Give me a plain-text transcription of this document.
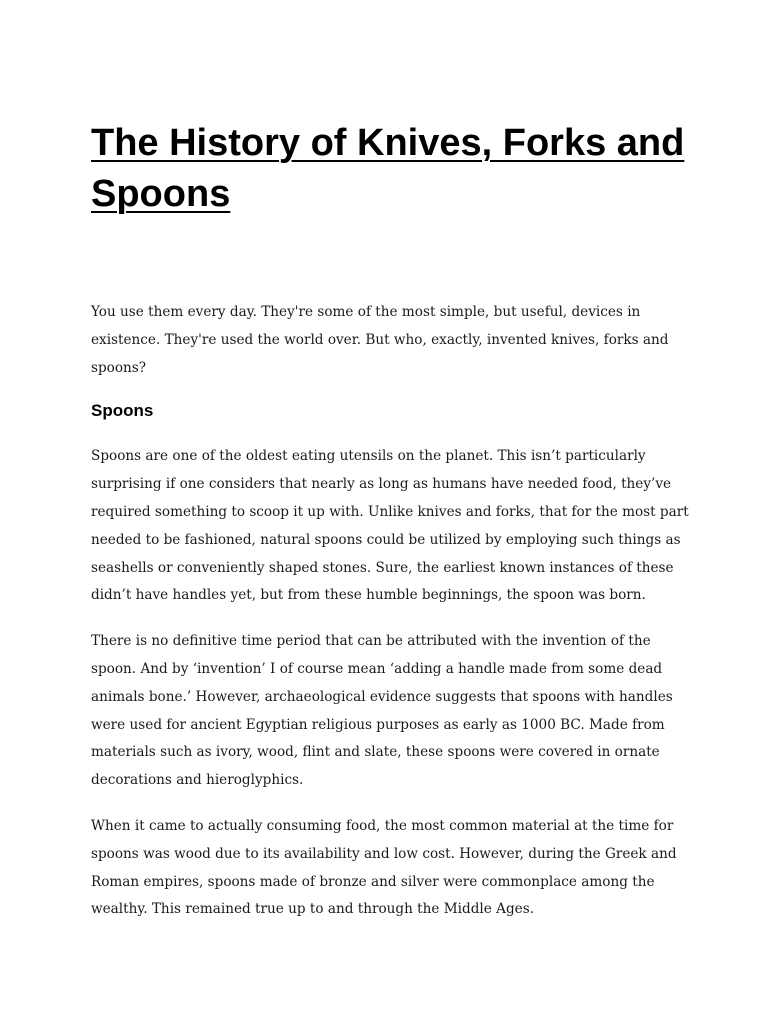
The History of Knives, Forks and Spoons

You use them every day. They're some of the most simple, but useful, devices in existence. They're used the world over. But who, exactly, invented knives, forks and spoons?

Spoons

Spoons are one of the oldest eating utensils on the planet. This isn’t particularly surprising if one considers that nearly as long as humans have needed food, they’ve required something to scoop it up with. Unlike knives and forks, that for the most part needed to be fashioned, natural spoons could be utilized by employing such things as seashells or conveniently shaped stones. Sure, the earliest known instances of these didn’t have handles yet, but from these humble beginnings, the spoon was born.

There is no definitive time period that can be attributed with the invention of the spoon. And by ‘invention’ I of course mean ‘adding a handle made from some dead animals bone.’ However, archaeological evidence suggests that spoons with handles were used for ancient Egyptian religious purposes as early as 1000 BC. Made from materials such as ivory, wood, flint and slate, these spoons were covered in ornate decorations and hieroglyphics.

When it came to actually consuming food, the most common material at the time for spoons was wood due to its availability and low cost. However, during the Greek and Roman empires, spoons made of bronze and silver were commonplace among the wealthy. This remained true up to and through the Middle Ages.
